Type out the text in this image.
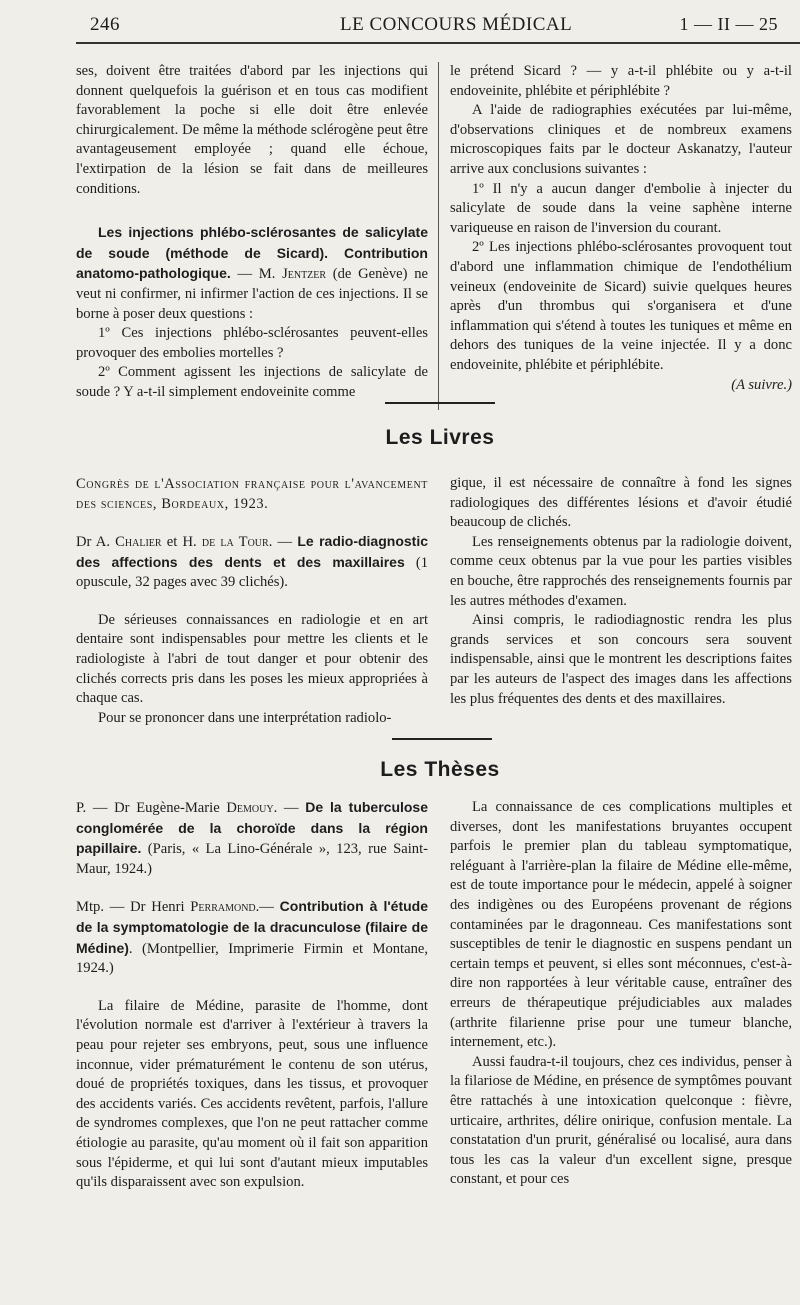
246	LE CONCOURS MÉDICAL	1 — II — 25

ses, doivent être traitées d'abord par les injections qui donnent quelquefois la guérison et en tous cas modifient favorablement la poche si elle doit être enlevée chirurgicalement. De même la méthode sclérogène peut être avantageusement employée ; quand elle échoue, l'extirpation de la lésion se fait dans de meilleures conditions.

Les injections phlébo-sclérosantes de salicylate de soude (méthode de Sicard). Contribution anatomo-pathologique. — M. Jentzer (de Genève) ne veut ni confirmer, ni infirmer l'action de ces injections. Il se borne à poser deux questions :

1º Ces injections phlébo-sclérosantes peuvent-elles provoquer des embolies mortelles ?

2º Comment agissent les injections de salicylate de soude ? Y a-t-il simplement endoveinite comme

le prétend Sicard ? — y a-t-il phlébite ou y a-t-il endoveinite, phlébite et périphlébite ?

A l'aide de radiographies exécutées par lui-même, d'observations cliniques et de nombreux examens microscopiques faits par le docteur Askanatzy, l'auteur arrive aux conclusions suivantes :

1º Il n'y a aucun danger d'embolie à injecter du salicylate de soude dans la veine saphène interne variqueuse en raison de l'inversion du courant.

2º Les injections phlébo-sclérosantes provoquent tout d'abord une inflammation chimique de l'endothélium veineux (endoveinite de Sicard) suivie quelques heures après d'un thrombus qui s'organisera et d'une inflammation qui s'étend à toutes les tuniques et même en dehors des tuniques de la veine injectée. Il y a donc endoveinite, phlébite et périphlébite.

(A suivre.)

Les Livres

Congrès de l'Association française pour l'avancement des sciences, Bordeaux, 1923.

Dr A. Chalier et H. de la Tour. — Le radio-diagnostic des affections des dents et des maxillaires (1 opuscule, 32 pages avec 39 clichés).

De sérieuses connaissances en radiologie et en art dentaire sont indispensables pour mettre les clients et le radiologiste à l'abri de tout danger et pour obtenir des clichés corrects pris dans les poses les mieux appropriées à chaque cas.

Pour se prononcer dans une interprétation radiolo-

gique, il est nécessaire de connaître à fond les signes radiologiques des différentes lésions et d'avoir étudié beaucoup de clichés.

Les renseignements obtenus par la radiologie doivent, comme ceux obtenus par la vue pour les parties visibles en bouche, être rapprochés des renseignements fournis par les autres méthodes d'examen.

Ainsi compris, le radiodiagnostic rendra les plus grands services et son concours sera souvent indispensable, ainsi que le montrent les descriptions faites par les auteurs de l'aspect des images dans les affections les plus fréquentes des dents et des maxillaires.

Les Thèses

P. — Dr Eugène-Marie Demouy. — De la tuberculose conglomérée de la choroïde dans la région papillaire. (Paris, « La Lino-Générale », 123, rue Saint-Maur, 1924.)

Mtp. — Dr Henri Perramond.— Contribution à l'étude de la symptomatologie de la dracunculose (filaire de Médine). (Montpellier, Imprimerie Firmin et Montane, 1924.)

La filaire de Médine, parasite de l'homme, dont l'évolution normale est d'arriver à l'extérieur à travers la peau pour rejeter ses embryons, peut, sous une influence inconnue, vider prématurément le contenu de son utérus, doué de propriétés toxiques, dans les tissus, et provoquer des accidents variés. Ces accidents revêtent, parfois, l'allure de syndromes complexes, que l'on ne peut rattacher comme étiologie au parasite, qu'au moment où il fait son apparition sous l'épiderme, et qui lui sont d'autant mieux imputables qu'ils disparaissent avec son expulsion.

La connaissance de ces complications multiples et diverses, dont les manifestations bruyantes occupent parfois le premier plan du tableau symptomatique, reléguant à l'arrière-plan la filaire de Médine elle-même, est de toute importance pour le médecin, appelé à soigner des indigènes ou des Européens provenant de régions contaminées par le dragonneau. Ces manifestations sont susceptibles de tenir le diagnostic en suspens pendant un certain temps et peuvent, si elles sont méconnues, c'est-à-dire non rapportées à leur véritable cause, entraîner des erreurs de thérapeutique préjudiciables aux malades (arthrite filarienne prise pour une tumeur blanche, internement, etc.).

Aussi faudra-t-il toujours, chez ces individus, penser à la filariose de Médine, en présence de symptômes pouvant être rattachés à une intoxication quelconque : fièvre, urticaire, arthrites, délire onirique, confusion mentale. La constatation d'un prurit, généralisé ou localisé, aura dans tous les cas la valeur d'un excellent signe, presque constant, et pour ces
